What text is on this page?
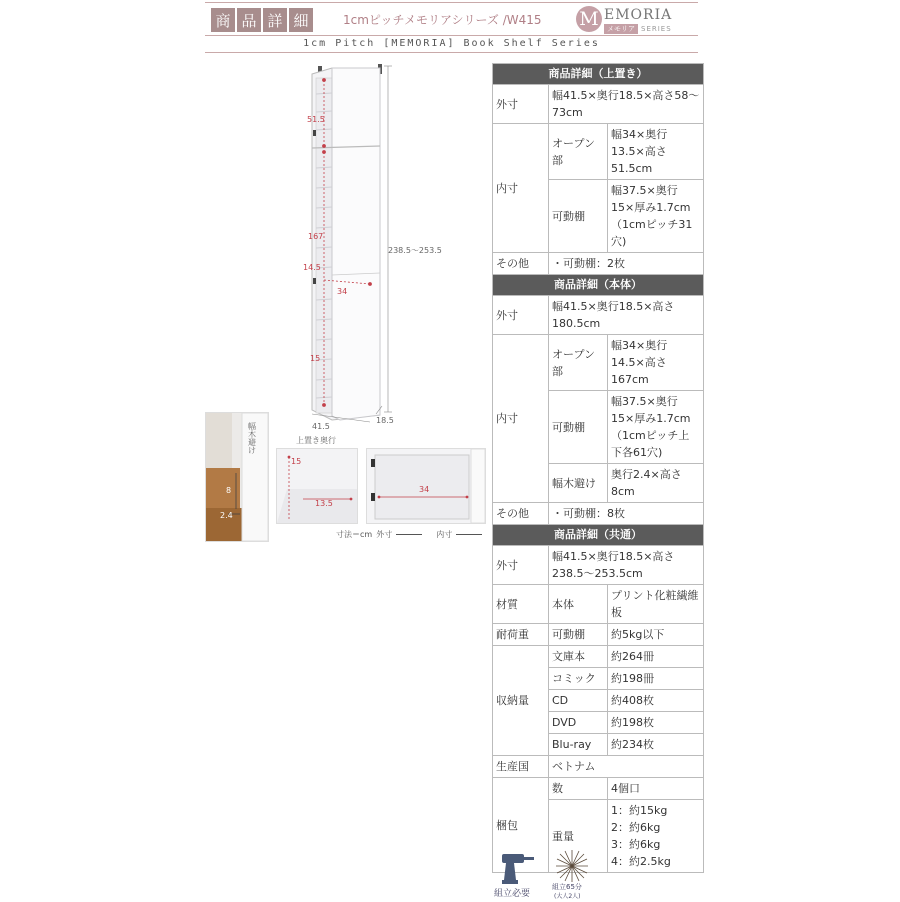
商 品 詳 細	1cmピッチメモリアシリーズ /W415 M EMORIA
メモリア SERIES
1cm Pitch [MEMORIA] Book Shelf Series
51.5
167
238.5〜253.5
14.5
34
15
41.5
18.5
幅木避け
8
2.4
上置き奥行
15
13.5
34
寸法＝cm 外寸	内寸
商品詳細（上置き）		
外寸	幅41.5×奥行18.5×高さ58〜73cm	
内寸	オープン部	幅34×奥行13.5×高さ51.5cm
	可動棚	幅37.5×奥行15×厚み1.7cm（1cmピッチ31穴)
その他	・可動棚：2枚	
商品詳細（本体）		
外寸	幅41.5×奥行18.5×高さ180.5cm	
内寸	オープン部	幅34×奥行14.5×高さ167cm
	可動棚	幅37.5×奥行15×厚み1.7cm（1cmピッチ上下各61穴)
	幅木避け	奥行2.4×高さ8cm
その他	・可動棚：8枚	
商品詳細（共通）		
外寸	幅41.5×奥行18.5×高さ238.5〜253.5cm	
材質	本体	プリント化粧繊維板
耐荷重	可動棚	約5kg以下
収納量	文庫本	約264冊
	コミック	約198冊
	CD	約408枚
	DVD	約198枚
	Blu-ray	約234枚
生産国	ベトナム	
梱包	数	4個口
	重量	1：約15kg
2：約6kg
3：約6kg
4：約2.5kg
組立必要
組立65分
(大人2人)
